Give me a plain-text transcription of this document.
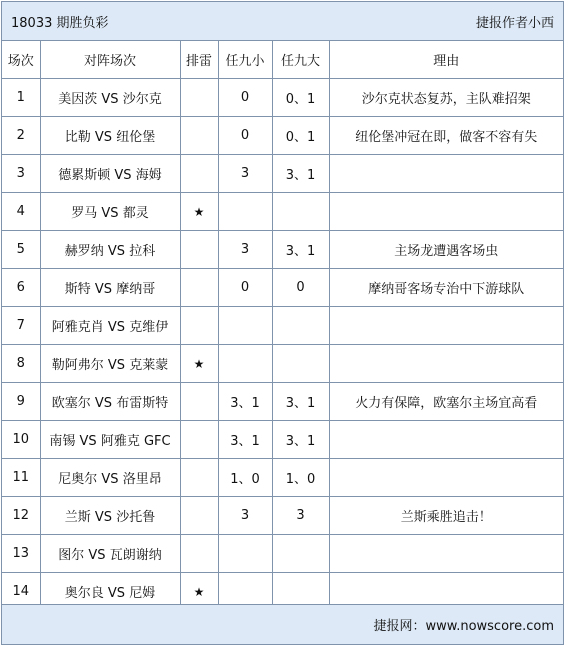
18033 期胜负彩	捷报作者小西
场次	对阵场次	排雷	任九小	任九大	理由
1	美因茨 VS 沙尔克		0	0、1	沙尔克状态复苏，主队难招架
2	比勒 VS 纽伦堡		0	0、1	纽伦堡冲冠在即，做客不容有失
3	德累斯顿 VS 海姆		3	3、1	
4	罗马 VS 都灵	★			
5	赫罗纳 VS 拉科		3	3、1	主场龙遭遇客场虫
6	斯特 VS 摩纳哥		0	0	摩纳哥客场专治中下游球队
7	阿雅克肖 VS 克维伊				
8	勒阿弗尔 VS 克莱蒙	★			
9	欧塞尔 VS 布雷斯特		3、1	3、1	火力有保障，欧塞尔主场宜高看
10	南锡 VS 阿雅克 GFC		3、1	3、1	
11	尼奥尔 VS 洛里昂		1、0	1、0	
12	兰斯 VS 沙托鲁		3	3	兰斯乘胜追击！
13	图尔 VS 瓦朗谢纳				
14	奥尔良 VS 尼姆	★			
捷报网：www.nowscore.com
